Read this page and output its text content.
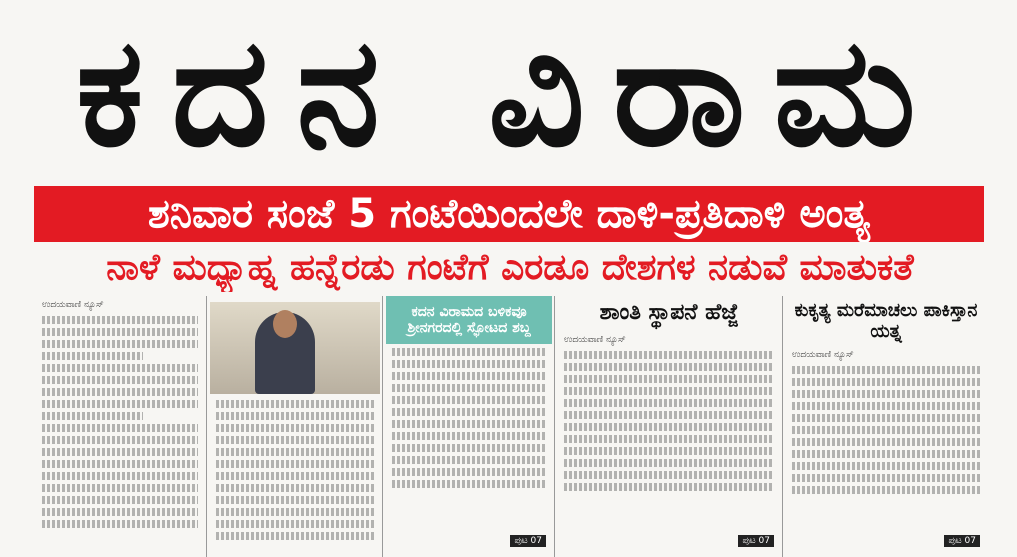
ಕದನ ವಿರಾಮ
ಶನಿವಾರ ಸಂಜೆ 5 ಗಂಟೆಯಿಂದಲೇ ದಾಳಿ-ಪ್ರತಿದಾಳಿ ಅಂತ್ಯ
ನಾಳೆ ಮಧ್ಯಾಹ್ನ ಹನ್ನೆರಡು ಗಂಟೆಗೆ ಎರಡೂ ದೇಶಗಳ ನಡುವೆ ಮಾತುಕತೆ
ಉದಯವಾಣಿ ನ್ಯೂಸ್	ಕದನ ವಿರಾಮದ ಬಳಿಕವೂ ಶ್ರೀನಗರದಲ್ಲಿ ಸ್ಫೋಟದ ಶಬ್ದ
ಪುಟ 07
ಶಾಂತಿ ಸ್ಥಾಪನೆ ಹೆಜ್ಜೆ
ಉದಯವಾಣಿ ನ್ಯೂಸ್
ಪುಟ 07
ಕುಕೃತ್ಯ ಮರೆಮಾಚಲು ಪಾಕಿಸ್ತಾನ ಯತ್ನ
ಉದಯವಾಣಿ ನ್ಯೂಸ್
ಪುಟ 07
